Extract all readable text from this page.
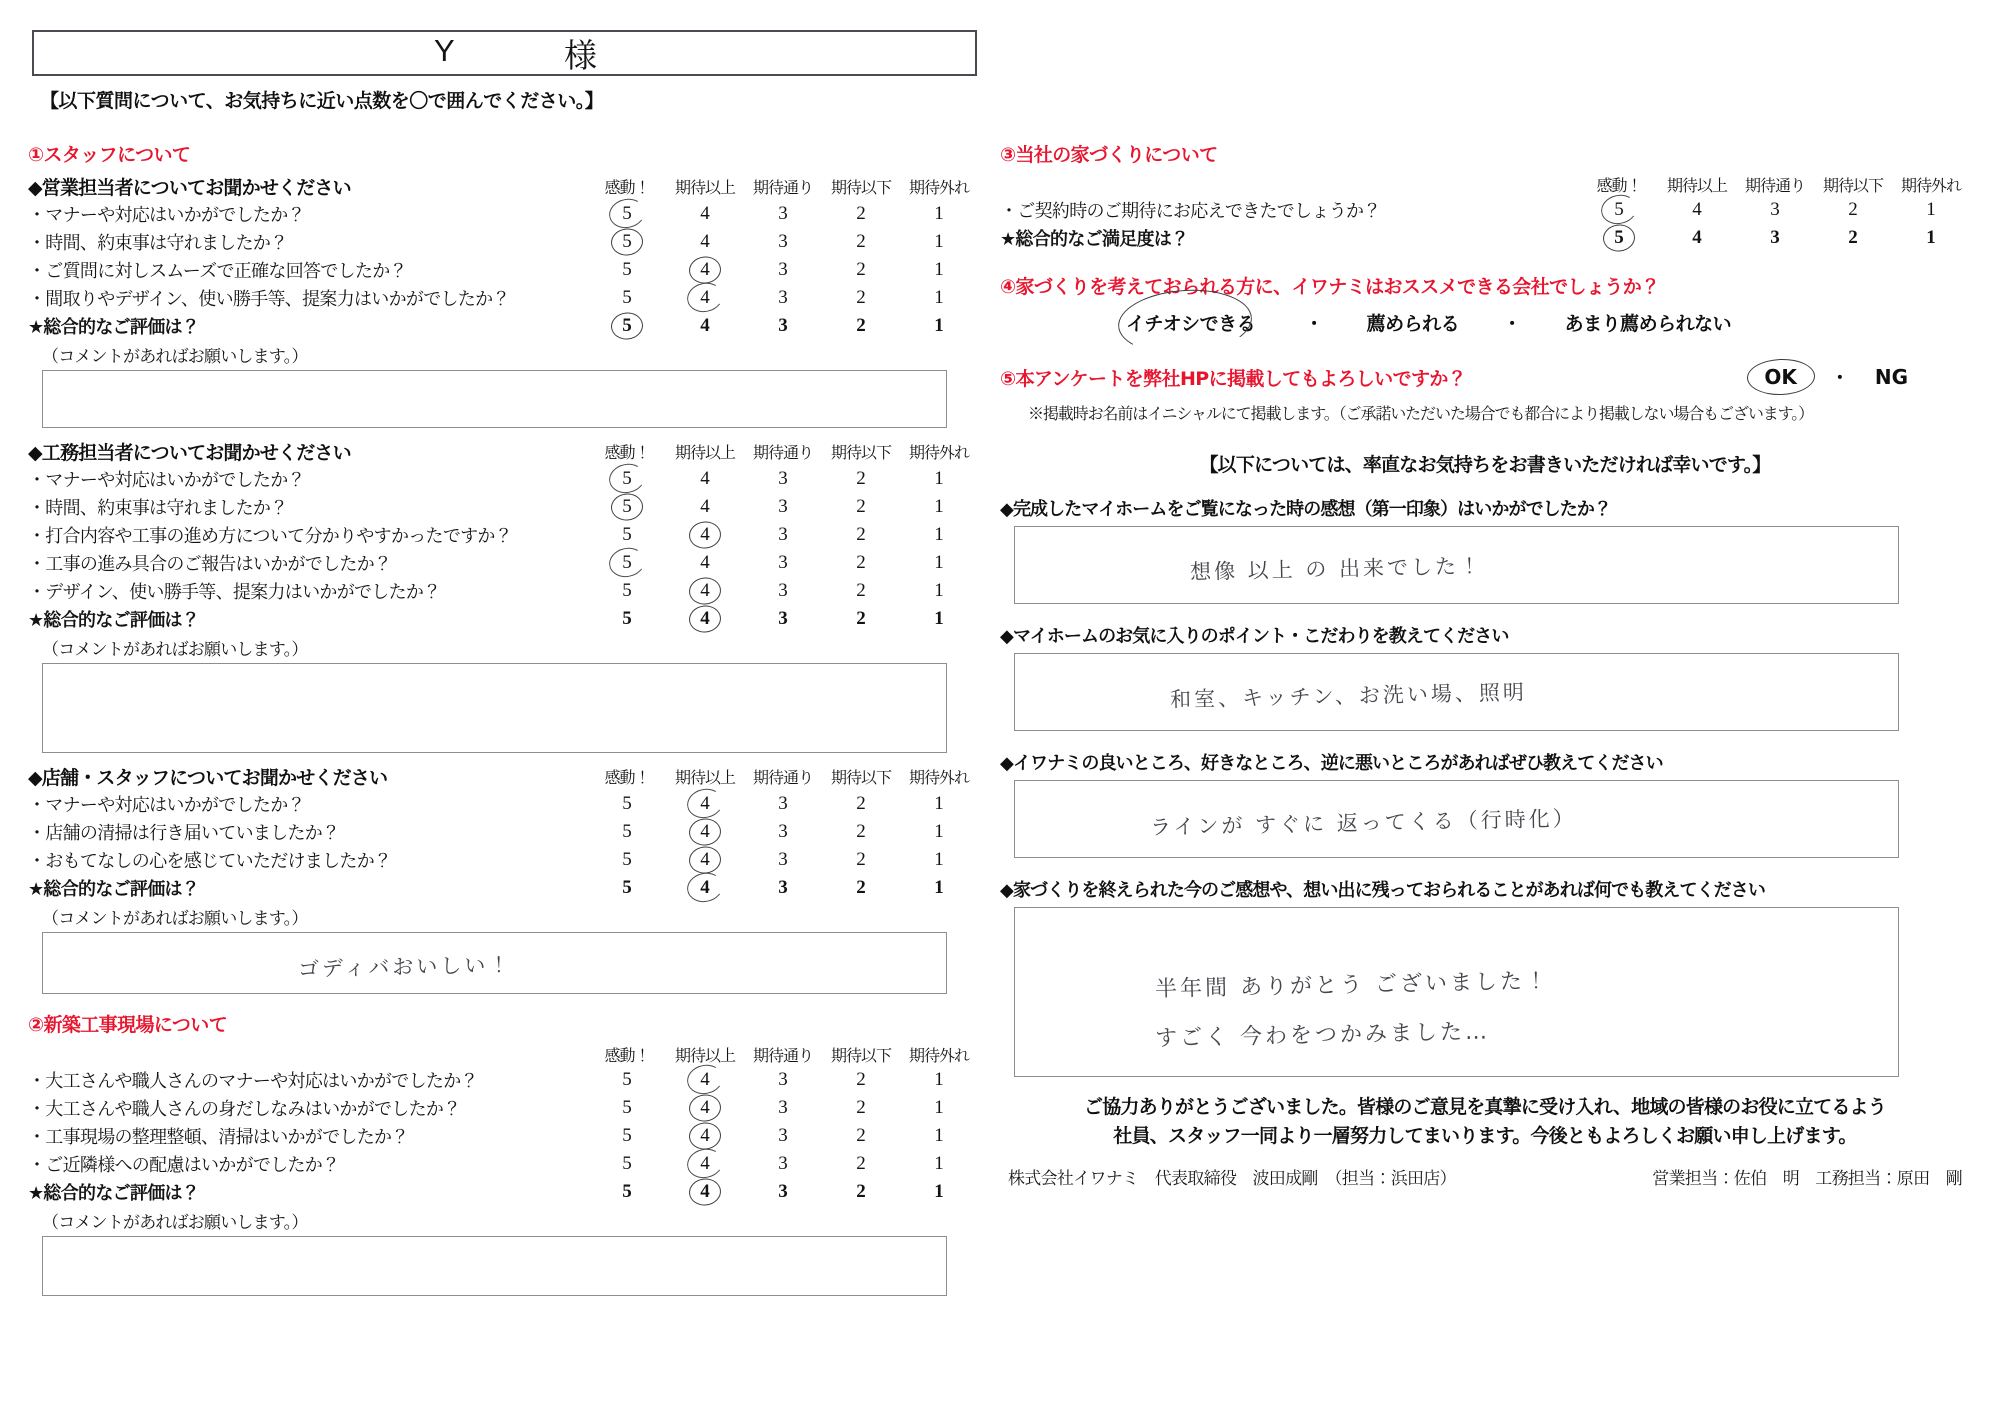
Y	様
【以下質問について、お気持ちに近い点数を〇で囲んでください。】
①スタッフについて
◆営業担当者についてお聞かせください	感動！	期待以上	期待通り	期待以下	期待外れ
・マナーや対応はいかがでしたか？	5	4	3	2	1
・時間、約束事は守れましたか？	5	4	3	2	1
・ご質問に対しスムーズで正確な回答でしたか？	5	4	3	2	1
・間取りやデザイン、使い勝手等、提案力はいかがでしたか？	5	4	3	2	1
★総合的なご評価は？	5	4	3	2	1
（コメントがあればお願いします。）
◆工務担当者についてお聞かせください	感動！	期待以上	期待通り	期待以下	期待外れ
・マナーや対応はいかがでしたか？	5	4	3	2	1
・時間、約束事は守れましたか？	5	4	3	2	1
・打合内容や工事の進め方について分かりやすかったですか？	5	4	3	2	1
・工事の進み具合のご報告はいかがでしたか？	5	4	3	2	1
・デザイン、使い勝手等、提案力はいかがでしたか？	5	4	3	2	1
★総合的なご評価は？	5	4	3	2	1
（コメントがあればお願いします。）
◆店舗・スタッフについてお聞かせください	感動！	期待以上	期待通り	期待以下	期待外れ
・マナーや対応はいかがでしたか？	5	4	3	2	1
・店舗の清掃は行き届いていましたか？	5	4	3	2	1
・おもてなしの心を感じていただけましたか？	5	4	3	2	1
★総合的なご評価は？	5	4	3	2	1
（コメントがあればお願いします。）
ゴディバおいしい！
②新築工事現場について
	感動！	期待以上	期待通り	期待以下	期待外れ
・大工さんや職人さんのマナーや対応はいかがでしたか？	5	4	3	2	1
・大工さんや職人さんの身だしなみはいかがでしたか？	5	4	3	2	1
・工事現場の整理整頓、清掃はいかがでしたか？	5	4	3	2	1
・ご近隣様への配慮はいかがでしたか？	5	4	3	2	1
★総合的なご評価は？	5	4	3	2	1
（コメントがあればお願いします。）
③当社の家づくりについて
	感動！	期待以上	期待通り	期待以下	期待外れ
・ご契約時のご期待にお応えできたでしょうか？	5	4	3	2	1
★総合的なご満足度は？	5	4	3	2	1
④家づくりを考えておられる方に、イワナミはおススメできる会社でしょうか？
イチオシできる	・ 薦められる ・ あまり薦められない
⑤本アンケートを弊社HPに掲載してもよろしいですか？	OK	・ NG
※掲載時お名前はイニシャルにて掲載します。（ご承諾いただいた場合でも都合により掲載しない場合もございます。）
【以下については、率直なお気持ちをお書きいただければ幸いです。】
◆完成したマイホームをご覧になった時の感想（第一印象）はいかがでしたか？
想像 以上 の 出来でした！
◆マイホームのお気に入りのポイント・こだわりを教えてください
和室、キッチン、お洗い場、照明
◆イワナミの良いところ、好きなところ、逆に悪いところがあればぜひ教えてください
ラインが すぐに 返ってくる（行時化）
◆家づくりを終えられた今のご感想や、想い出に残っておられることがあれば何でも教えてください
半年間 ありがとう ございました！
すごく 今わをつかみました…
ご協力ありがとうございました。皆様のご意見を真摯に受け入れ、地域の皆様のお役に立てるよう
社員、スタッフ一同より一層努力してまいります。今後ともよろしくお願い申し上げます。
株式会社イワナミ　代表取締役　波田成剛　（担当：浜田店）	営業担当：佐伯　明　工務担当：原田　剛
